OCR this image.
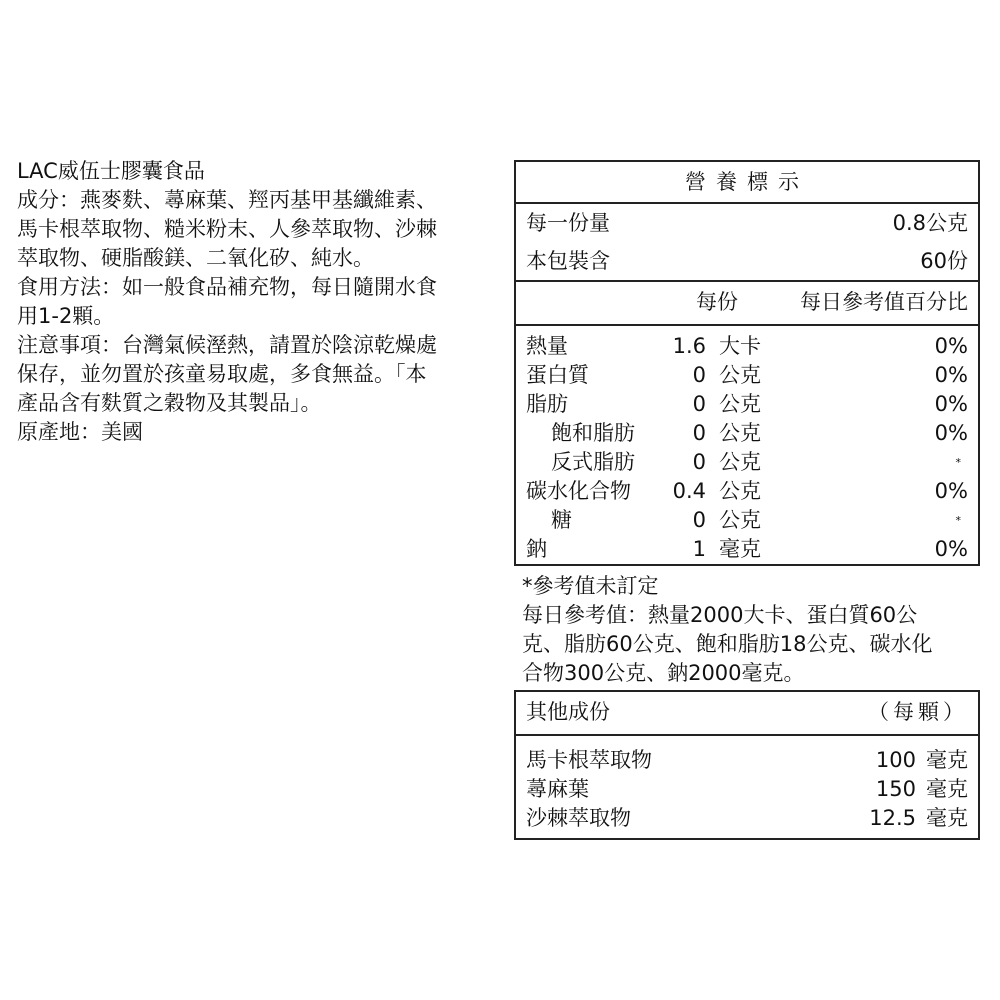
LAC威伍士膠囊食品
成分：燕麥麩、蕁麻葉、羥丙基甲基纖維素、
馬卡根萃取物、糙米粉末、人參萃取物、沙棘
萃取物、硬脂酸鎂、二氧化矽、純水。
食用方法：如一般食品補充物，每日隨開水食
用1-2顆。
注意事項：台灣氣候溼熱，請置於陰涼乾燥處
保存，並勿置於孩童易取處，多食無益。「本
產品含有麩質之穀物及其製品」。
原產地：美國
營養標示
每一份量	0.8公克
本包裝含	60份
每份	每日參考值百分比
熱量	1.6 大卡	0%
蛋白質	0 公克	0%
脂肪	0 公克	0%
飽和脂肪	0 公克	0%
反式脂肪	0 公克	*
碳水化合物 0.4 公克	0%
糖	0 公克	*
鈉	1 毫克	0%
*參考值未訂定
每日參考值：熱量2000大卡、蛋白質60公
克、脂肪60公克、飽和脂肪18公克、碳水化
合物300公克、鈉2000毫克。
其他成份	（每顆）
馬卡根萃取物	100 毫克
蕁麻葉	150 毫克
沙棘萃取物	12.5 毫克
